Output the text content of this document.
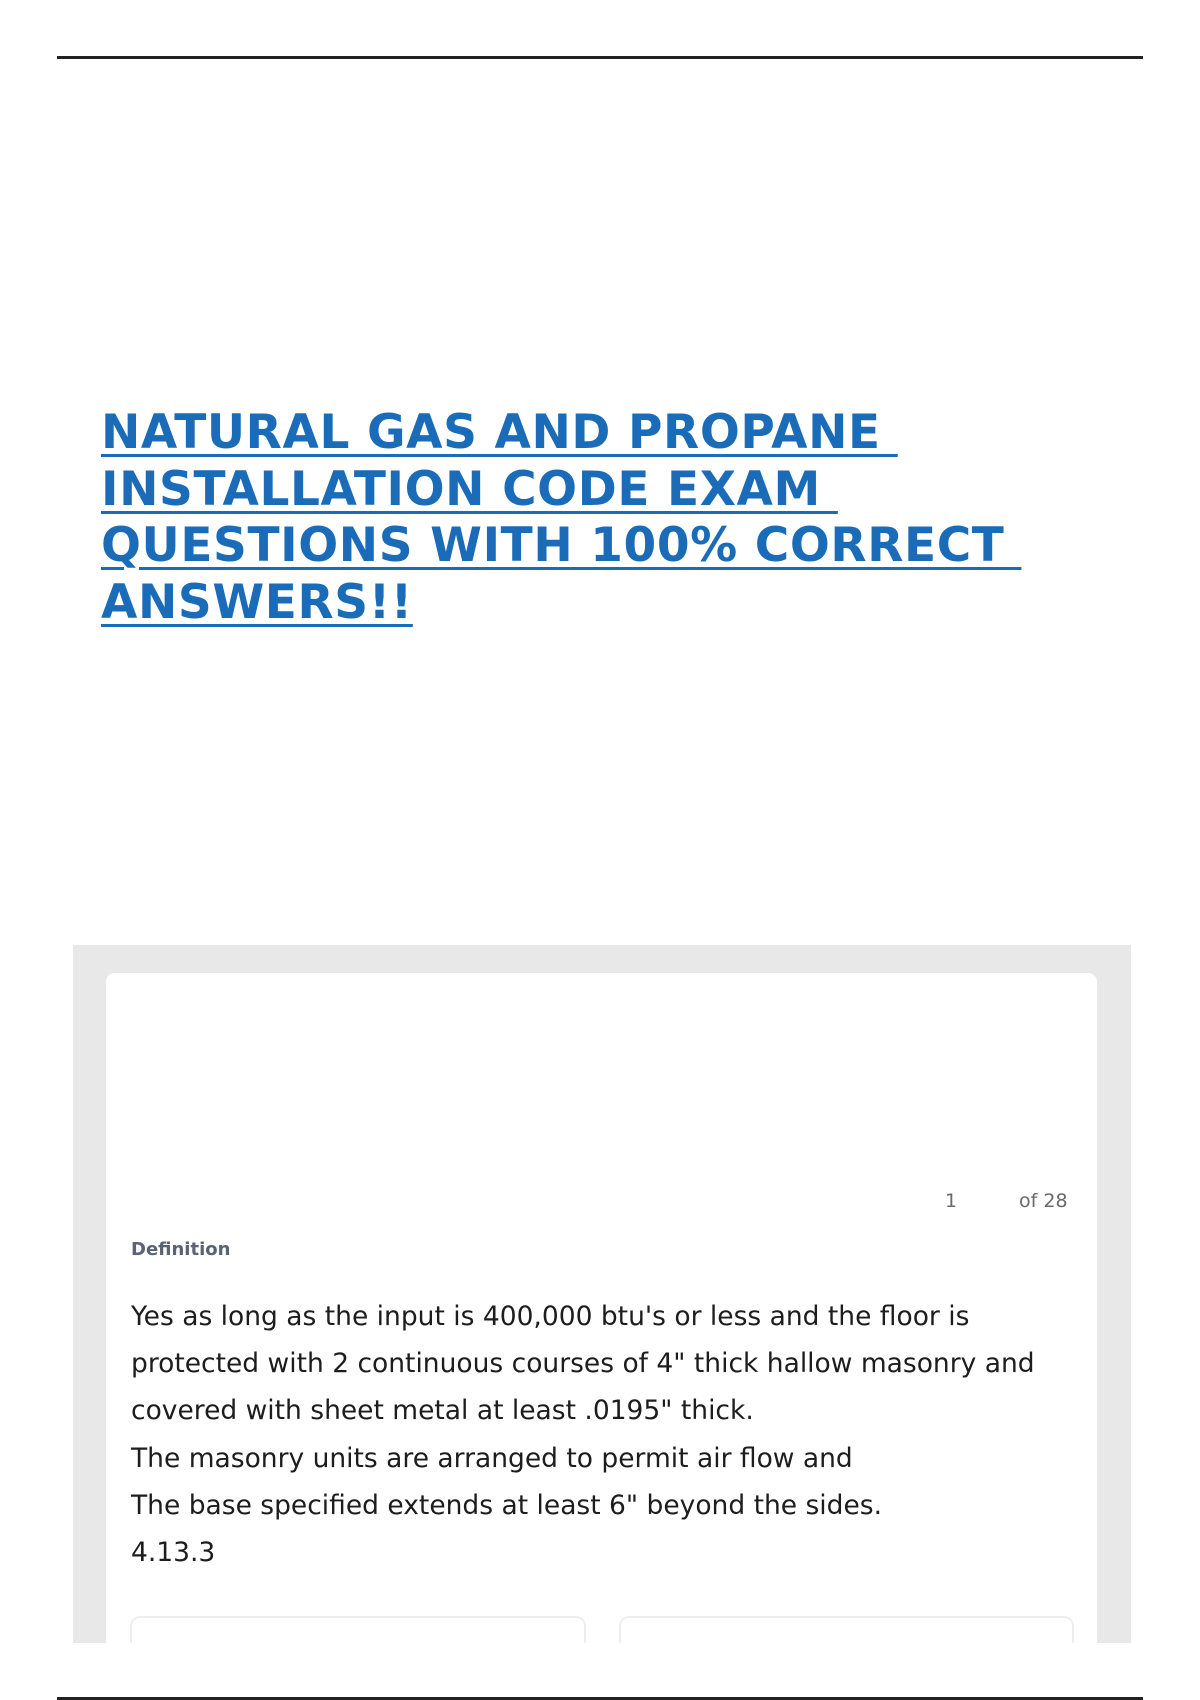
NATURAL GAS AND PROPANE
INSTALLATION CODE EXAM
QUESTIONS WITH 100% CORRECT
ANSWERS!!
1	of 28
Definition
Yes as long as the input is 400,000 btu's or less and the floor is
protected with 2 continuous courses of 4" thick hallow masonry and
covered with sheet metal at least .0195" thick.
The masonry units are arranged to permit air flow and
The base specified extends at least 6" beyond the sides.
4.13.3
